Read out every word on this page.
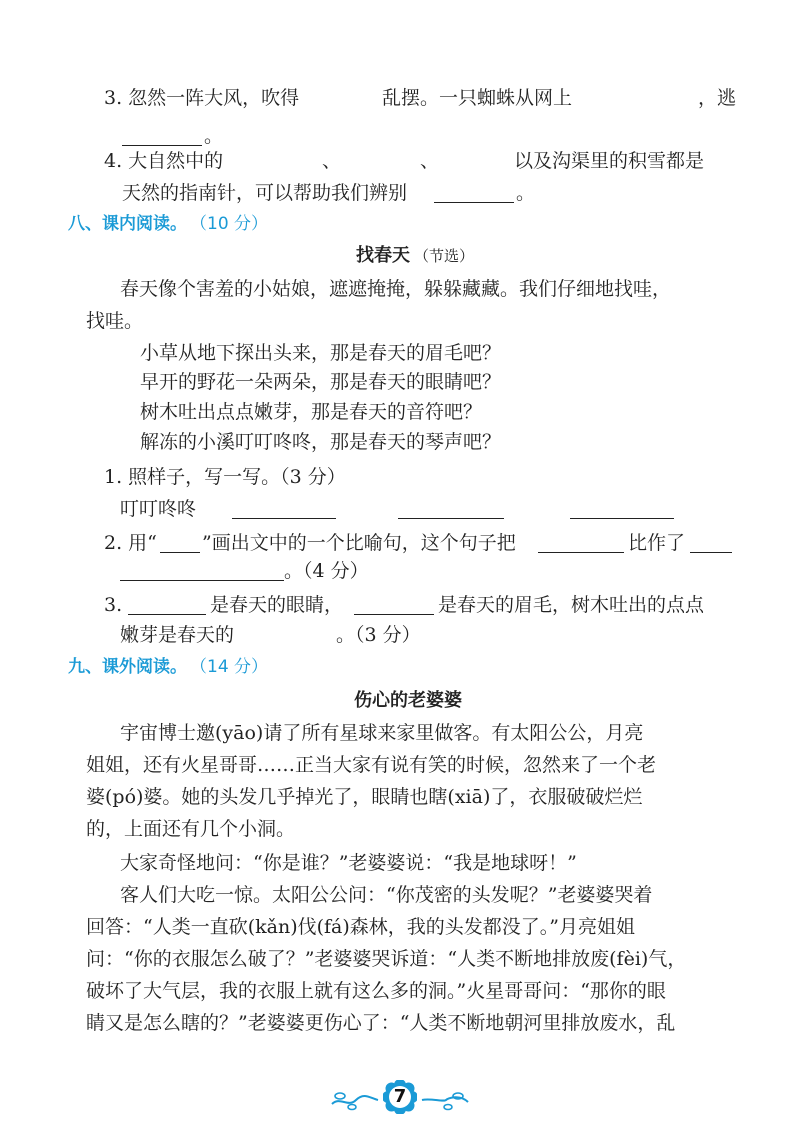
3. 忽然一阵大风，吹得	乱摆。一只蜘蛛从网上	，逃
。
4. 大自然中的	、	、	以及沟渠里的积雪都是
天然的指南针，可以帮助我们辨别	。
八、课内阅读。 （10 分）
找春天 （节选）
春天像个害羞的小姑娘，遮遮掩掩，躲躲藏藏。我们仔细地找哇，
找哇。
小草从地下探出头来，那是春天的眉毛吧？
早开的野花一朵两朵，那是春天的眼睛吧？
树木吐出点点嫩芽，那是春天的音符吧？
解冻的小溪叮叮咚咚，那是春天的琴声吧？
1. 照样子，写一写。（3 分）
叮叮咚咚
2. 用“ ”画出文中的一个比喻句，这个句子把	比作了
。（4 分）
3.	是春天的眼睛，	是春天的眉毛，树木吐出的点点
嫩芽是春天的	。（3 分）
九、课外阅读。 （14 分）
伤心的老婆婆
宇宙博士邀(yāo)请了所有星球来家里做客。有太阳公公，月亮
姐姐，还有火星哥哥……正当大家有说有笑的时候，忽然来了一个老
婆(pó)婆。她的头发几乎掉光了，眼睛也瞎(xiā)了，衣服破破烂烂
的，上面还有几个小洞。
大家奇怪地问：“你是谁？”老婆婆说：“我是地球呀！”
客人们大吃一惊。太阳公公问：“你茂密的头发呢？”老婆婆哭着
回答：“人类一直砍(kǎn)伐(fá)森林，我的头发都没了。”月亮姐姐
问：“你的衣服怎么破了？”老婆婆哭诉道：“人类不断地排放废(fèi)气，
破坏了大气层，我的衣服上就有这么多的洞。”火星哥哥问：“那你的眼
睛又是怎么瞎的？”老婆婆更伤心了：“人类不断地朝河里排放废水，乱
7
